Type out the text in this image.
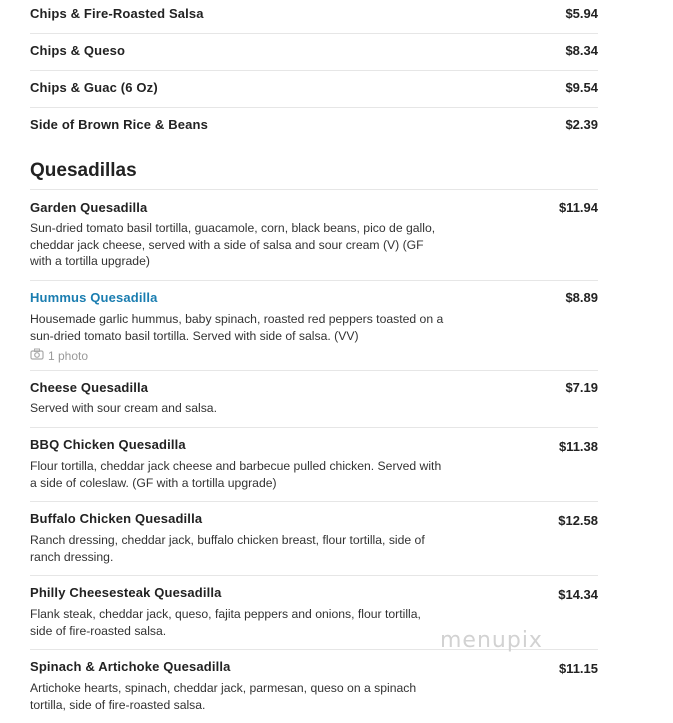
Chips & Fire-Roasted Salsa	$5.94
Chips & Queso	$8.34
Chips & Guac (6 Oz)	$9.54
Side of Brown Rice & Beans	$2.39
Quesadillas
Garden Quesadilla	$11.94
Sun-dried tomato basil tortilla, guacamole, corn, black beans, pico de gallo,
cheddar jack cheese, served with a side of salsa and sour cream (V) (GF
with a tortilla upgrade)
Hummus Quesadilla	$8.89
Housemade garlic hummus, baby spinach, roasted red peppers toasted on a
sun-dried tomato basil tortilla. Served with side of salsa. (VV)
1 photo
Cheese Quesadilla	$7.19
Served with sour cream and salsa.
BBQ Chicken Quesadilla	$11.38
Flour tortilla, cheddar jack cheese and barbecue pulled chicken. Served with
a side of coleslaw. (GF with a tortilla upgrade)
Buffalo Chicken Quesadilla	$12.58
Ranch dressing, cheddar jack, buffalo chicken breast, flour tortilla, side of
ranch dressing.
Philly Cheesesteak Quesadilla	$14.34
Flank steak, cheddar jack, queso, fajita peppers and onions, flour tortilla,
side of fire-roasted salsa.
Spinach & Artichoke Quesadilla	$11.15
Artichoke hearts, spinach, cheddar jack, parmesan, queso on a spinach
tortilla, side of fire-roasted salsa.
menupix
